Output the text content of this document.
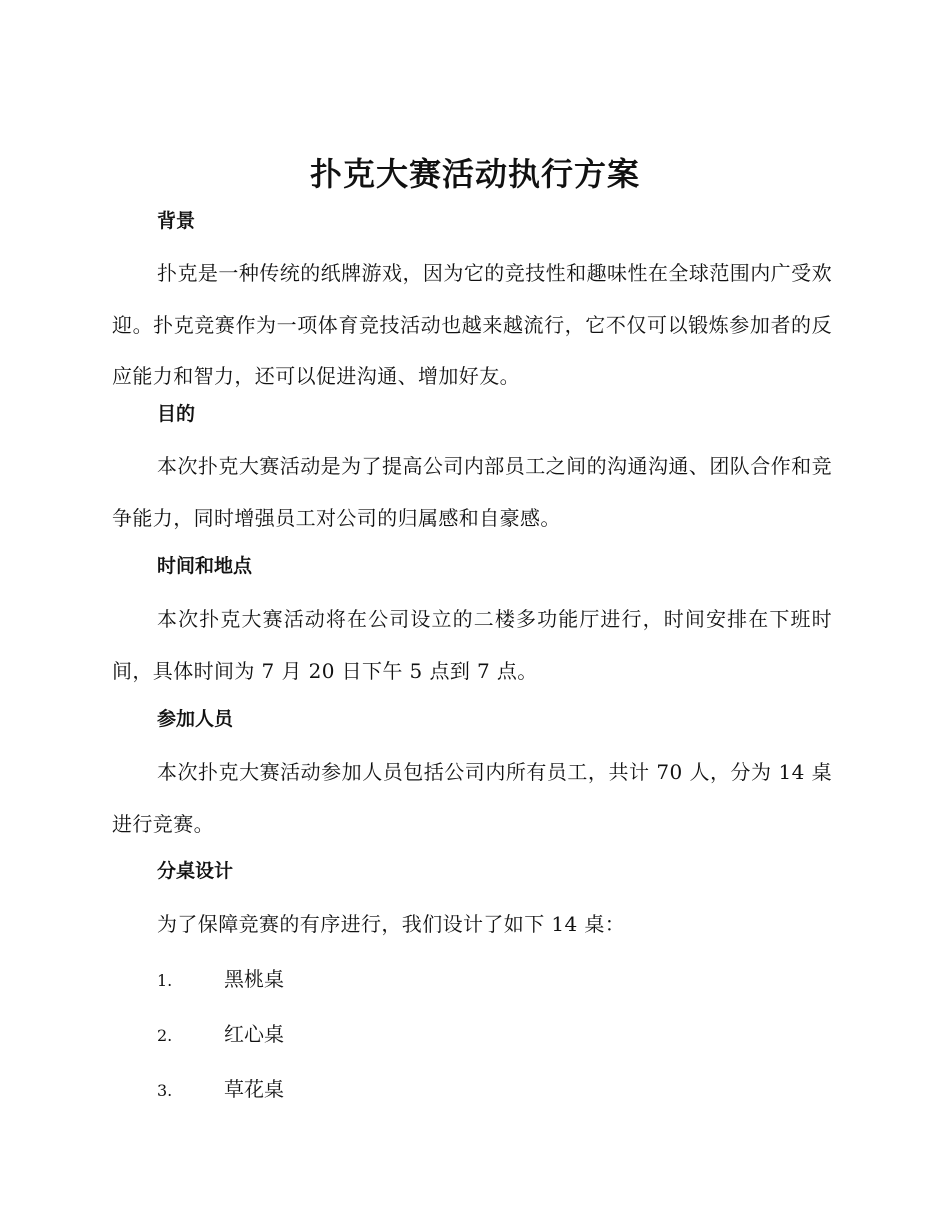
扑克大赛活动执行方案
背景
扑克是一种传统的纸牌游戏，因为它的竞技性和趣味性在全球范围内广受欢迎。扑克竞赛作为一项体育竞技活动也越来越流行，它不仅可以锻炼参加者的反应能力和智力，还可以促进沟通、增加好友。
目的
本次扑克大赛活动是为了提高公司内部员工之间的沟通沟通、团队合作和竞争能力，同时增强员工对公司的归属感和自豪感。
时间和地点
本次扑克大赛活动将在公司设立的二楼多功能厅进行，时间安排在下班时间，具体时间为 7 月 20 日下午 5 点到 7 点。
参加人员
本次扑克大赛活动参加人员包括公司内所有员工，共计 70 人，分为 14 桌进行竞赛。
分桌设计
为了保障竞赛的有序进行，我们设计了如下 14 桌：
1.	黑桃桌
2.	红心桌
3.	草花桌
